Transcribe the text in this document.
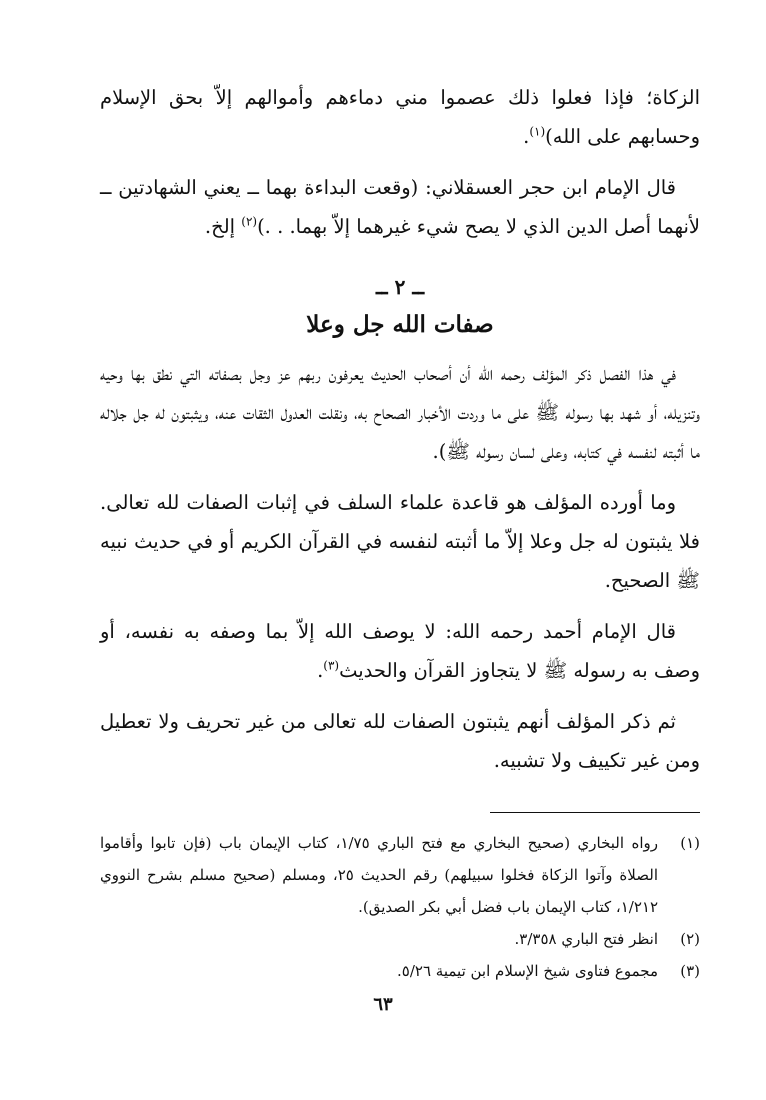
الزكاة؛ فإذا فعلوا ذلك عصموا مني دماءهم وأموالهم إلاّ بحق الإسلام وحسابهم على الله)$^{(١)}$.

قال الإمام ابن حجر العسقلاني: (وقعت البداءة بهما ــ يعني الشهادتين ــ لأنهما أصل الدين الذي لا يصح شيء غيرهما إلاّ بهما. . .)$^{(٢)}$ إلخ.

ــ ٢ ــ
صفات الله جل وعلا

في هذا الفصل ذكر المؤلف رحمه الله أن أصحاب الحديث يعرفون ربهم عز وجل بصفاته التي نطق بها وحيه وتنزيله، أو شهد بها رسوله ﷺ على ما وردت الأخبار الصحاح به، ونقلت العدول الثقات عنه، ويثبتون له جل جلاله ما أثبته لنفسه في كتابه، وعلى لسان رسوله ﷺ).

وما أورده المؤلف هو قاعدة علماء السلف في إثبات الصفات لله تعالى. فلا يثبتون له جل وعلا إلاّ ما أثبته لنفسه في القرآن الكريم أو في حديث نبيه ﷺ الصحيح.

قال الإمام أحمد رحمه الله: لا يوصف الله إلاّ بما وصفه به نفسه، أو وصف به رسوله ﷺ لا يتجاوز القرآن والحديث$^{(٣)}$.

ثم ذكر المؤلف أنهم يثبتون الصفات لله تعالى من غير تحريف ولا تعطيل ومن غير تكييف ولا تشبيه.

(١)
رواه البخاري (صحيح البخاري مع فتح الباري ١/٧٥، كتاب الإيمان باب (فإن تابوا وأقاموا الصلاة وآتوا الزكاة فخلوا سبيلهم) رقم الحديث ٢٥، ومسلم (صحيح مسلم بشرح النووي ١/٢١٢، كتاب الإيمان باب فضل أبي بكر الصديق).
(٢)
انظر فتح الباري ٣/٣٥٨.
(٣)
مجموع فتاوى شيخ الإسلام ابن تيمية ٥/٢٦.
٦٣
